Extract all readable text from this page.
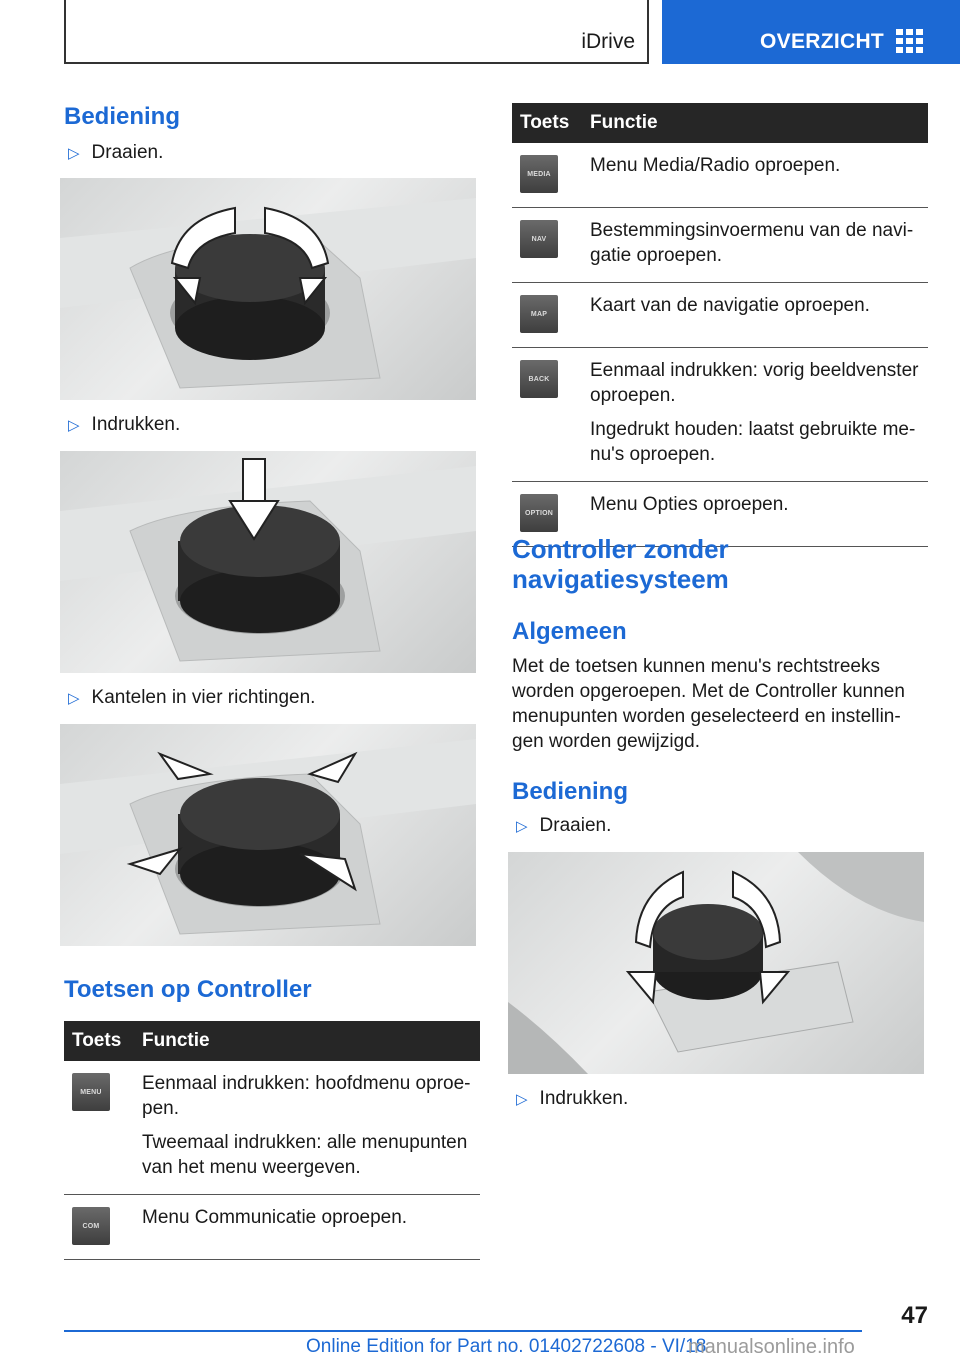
iDrive	OVERZICHT
Bediening
▷ Draaien.
▷ Indrukken.
▷ Kantelen in vier richtingen.
Toetsen op Controller
Toets	Functie

MENU	Eenmaal indrukken: hoofdmenu oproepen.

Tweemaal indrukken: alle menupunten van het menu weergeven.

COM	Menu Communicatie oproepen.

Toets	Functie

MEDIA	Menu Media/Radio oproepen.

NAV	Bestemmingsinvoermenu van de navigatie oproepen.

MAP	Kaart van de navigatie oproepen.

BACK	Eenmaal indrukken: vorig beeldvenster oproepen.

Ingedrukt houden: laatst gebruikte menu's oproepen.

OPTION	Menu Opties oproepen.

Controller zonder navigatiesysteem
Algemeen
Met de toetsen kunnen menu's rechtstreeks worden opgeroepen. Met de Controller kunnen menupunten worden geselecteerd en instellingen worden gewijzigd.
Bediening
▷ Draaien.
▷ Indrukken.
47
Online Edition for Part no. 01402722608 - VI/18
manualsonline.info
